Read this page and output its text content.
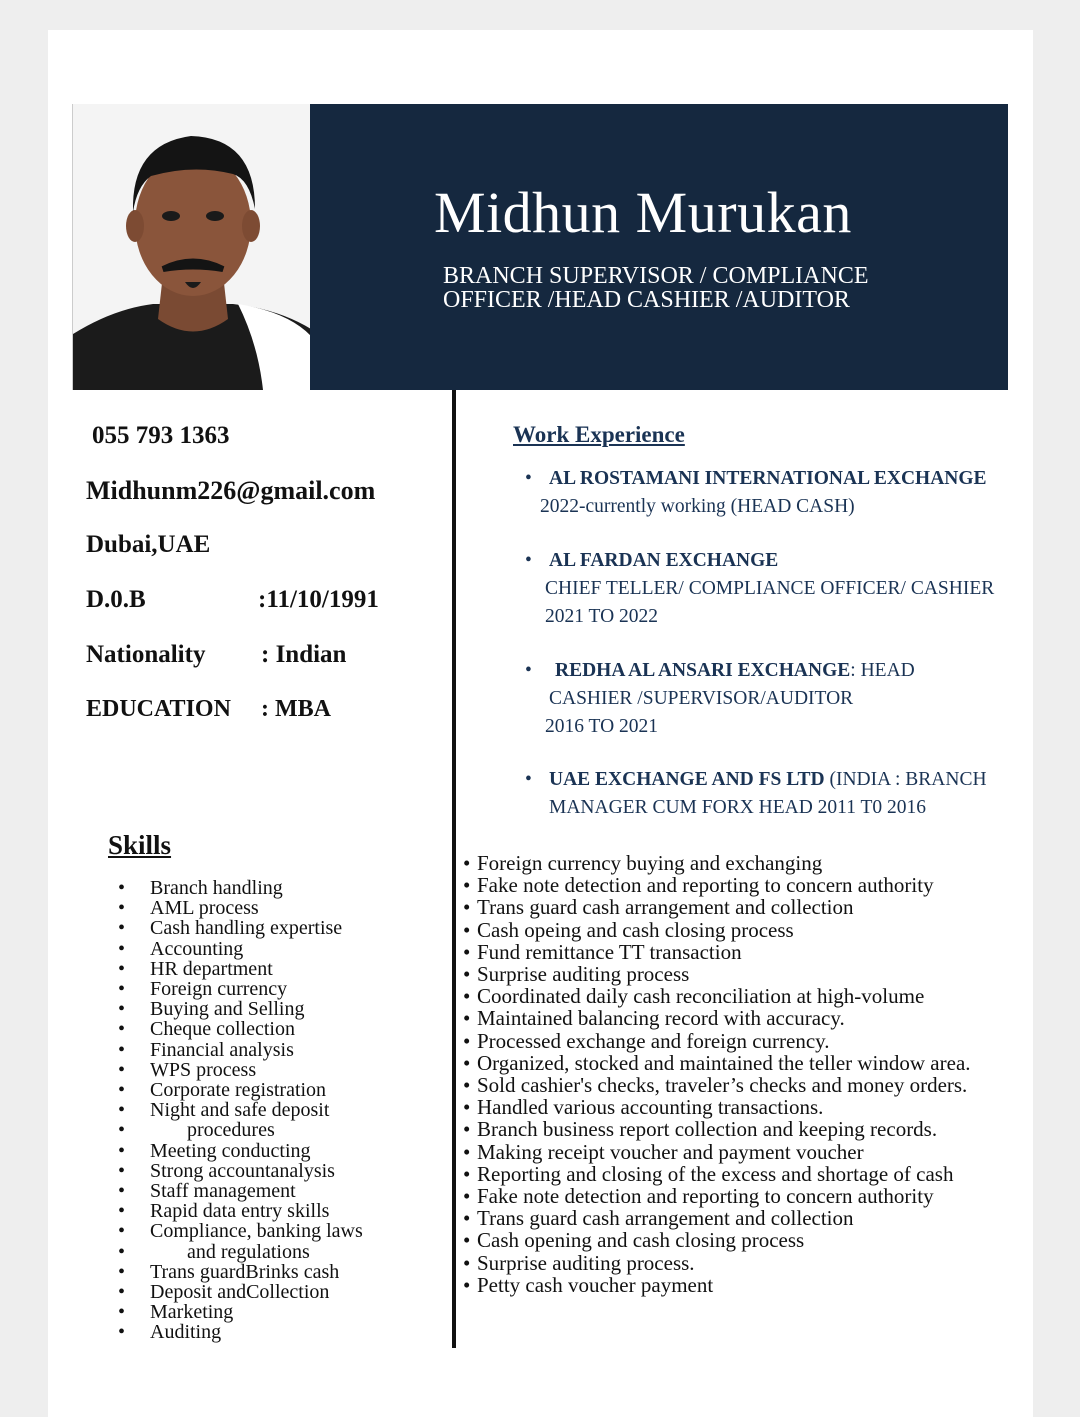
Midhun Murukan
BRANCH SUPERVISOR / COMPLIANCE
OFFICER /HEAD CASHIER /AUDITOR
055 793 1363
Midhunm226@gmail.com
Dubai,UAE
D.0.B	:11/10/1991
Nationality : Indian
EDUCATION : MBA
Skills
• Branch handling
• AML process
• Cash handling expertise
• Accounting
• HR department
• Foreign currency
• Buying and Selling
• Cheque collection
• Financial analysis
• WPS process
• Corporate registration
• Night and safe deposit
• procedures
• Meeting conducting
• Strong accountanalysis
• Staff management
• Rapid data entry skills
• Compliance, banking laws
• and regulations
• Trans guardBrinks cash
• Deposit andCollection
• Marketing
• Auditing
Work Experience
• AL ROSTAMANI INTERNATIONAL EXCHANGE
2022-currently working (HEAD CASH)
• AL FARDAN EXCHANGE
CHIEF TELLER/ COMPLIANCE OFFICER/ CASHIER
2021 TO 2022
• REDHA AL ANSARI EXCHANGE: HEAD
CASHIER /SUPERVISOR/AUDITOR
2016 TO 2021
• UAE EXCHANGE AND FS LTD (INDIA : BRANCH
MANAGER CUM FORX HEAD 2011 T0 2016
• Foreign currency buying and exchanging
• Fake note detection and reporting to concern authority
• Trans guard cash arrangement and collection
• Cash opeing and cash closing process
• Fund remittance TT transaction
• Surprise auditing process
• Coordinated daily cash reconciliation at high-volume
• Maintained balancing record with accuracy.
• Processed exchange and foreign currency.
• Organized, stocked and maintained the teller window area.
• Sold cashier's checks, traveler’s checks and money orders.
• Handled various accounting transactions.
• Branch business report collection and keeping records.
• Making receipt voucher and payment voucher
• Reporting and closing of the excess and shortage of cash
• Fake note detection and reporting to concern authority
• Trans guard cash arrangement and collection
• Cash opening and cash closing process
• Surprise auditing process.
• Petty cash voucher payment
